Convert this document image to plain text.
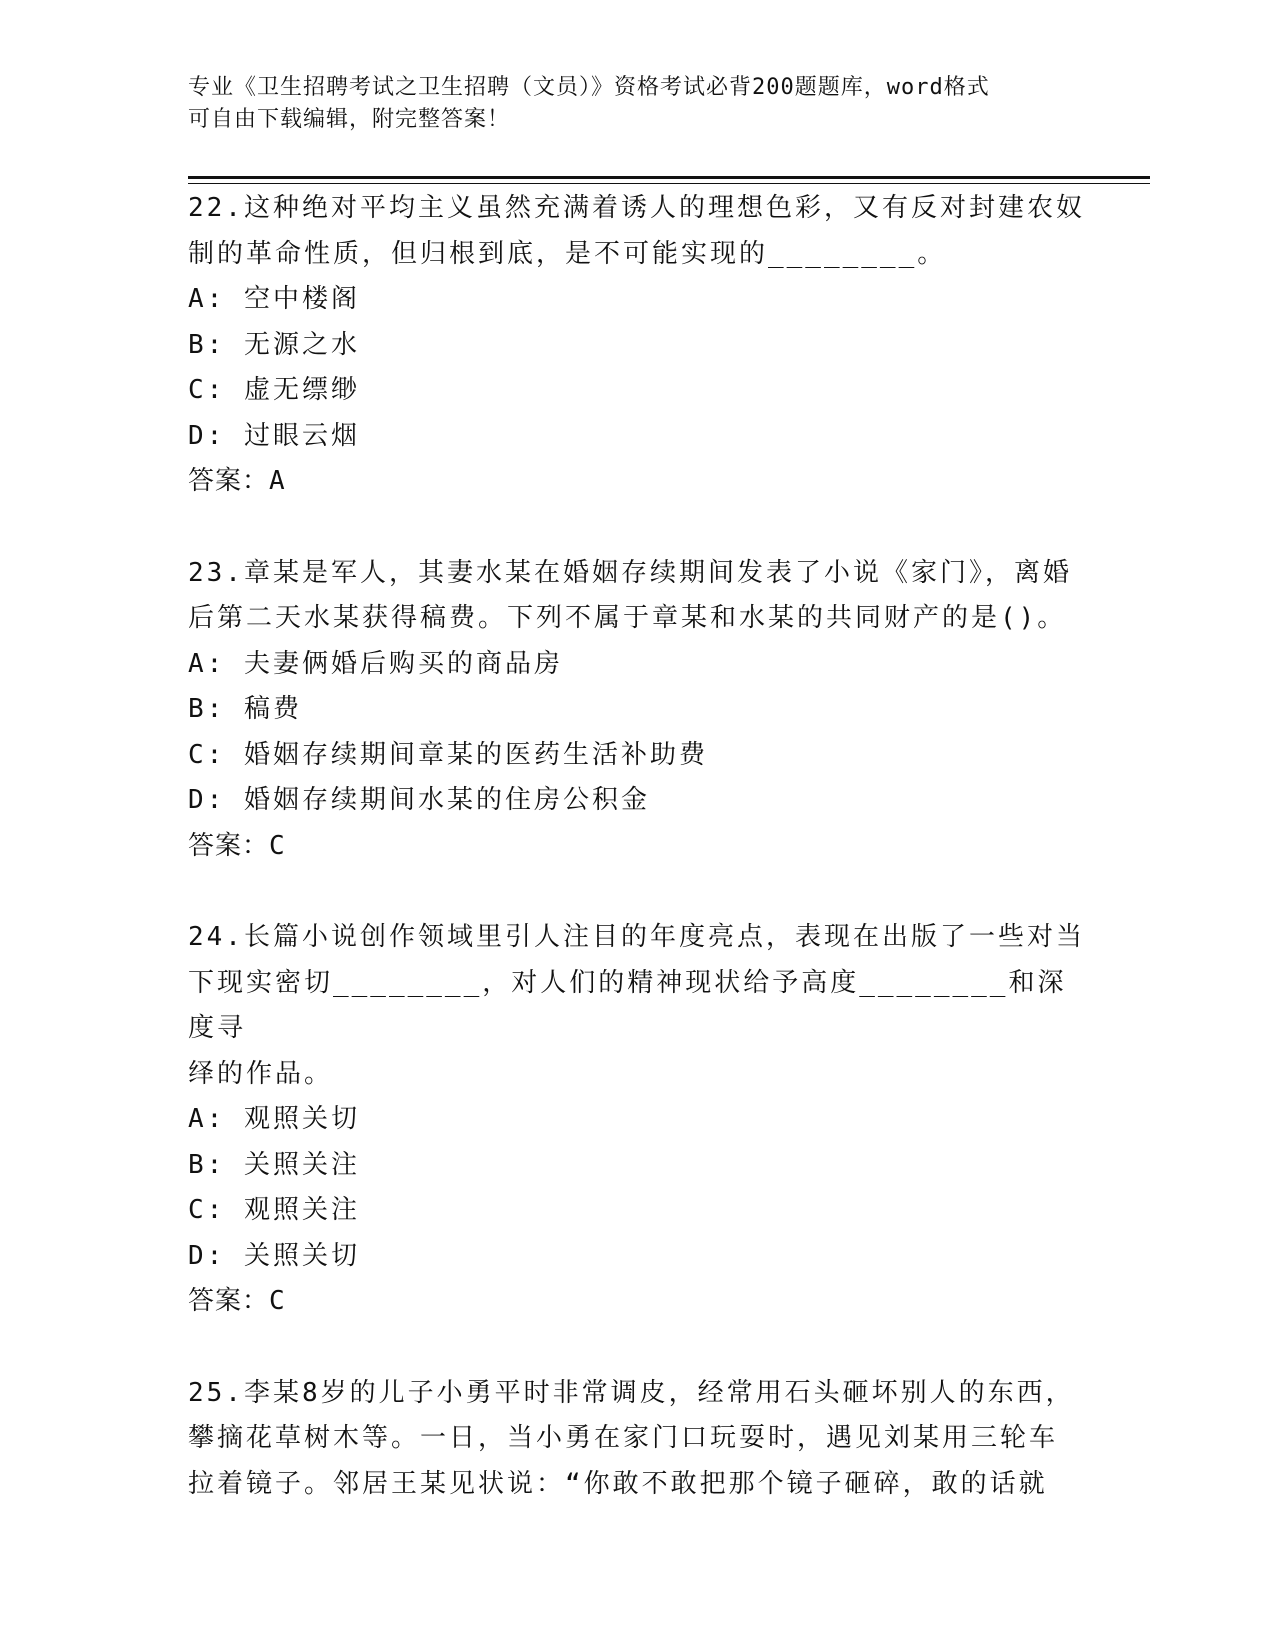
专业《卫生招聘考试之卫生招聘（文员）》资格考试必背200题题库，word格式
可自由下载编辑，附完整答案！

22.这种绝对平均主义虽然充满着诱人的理想色彩，又有反对封建农奴

制的革命性质，但归根到底，是不可能实现的________。

A: 空中楼阁

B: 无源之水

C: 虚无缥缈

D: 过眼云烟

答案：A

23.章某是军人，其妻水某在婚姻存续期间发表了小说《家门》，离婚

后第二天水某获得稿费。下列不属于章某和水某的共同财产的是()。

A: 夫妻俩婚后购买的商品房

B: 稿费

C: 婚姻存续期间章某的医药生活补助费

D: 婚姻存续期间水某的住房公积金

答案：C

24.长篇小说创作领域里引人注目的年度亮点，表现在出版了一些对当

下现实密切________，对人们的精神现状给予高度________和深度寻

绎的作品。

A: 观照关切

B: 关照关注

C: 观照关注

D: 关照关切

答案：C

25.李某8岁的儿子小勇平时非常调皮，经常用石头砸坏别人的东西，

攀摘花草树木等。一日，当小勇在家门口玩耍时，遇见刘某用三轮车

拉着镜子。邻居王某见状说：“你敢不敢把那个镜子砸碎，敢的话就
